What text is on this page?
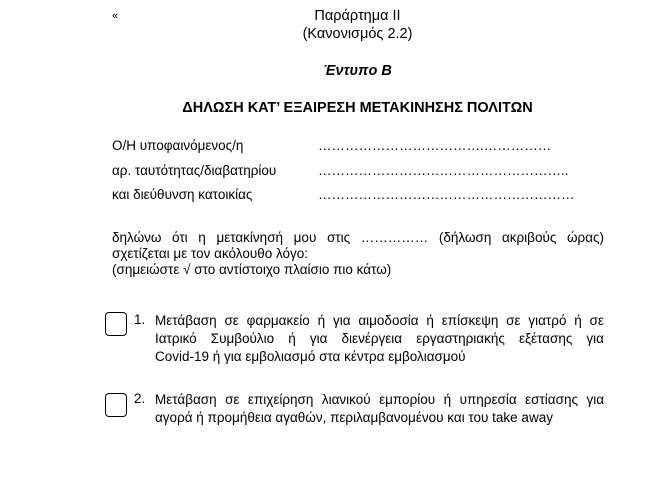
«	Παράρτημα ΙΙ
(Κανονισμός 2.2)
Έντυπο Β
ΔΗΛΩΣΗ ΚΑΤ’ ΕΞΑΙΡΕΣΗ ΜΕΤΑΚΙΝΗΣΗΣ ΠΟΛΙΤΩΝ
Ο/Η υποφαινόμενος/η	……………………………….……………
αρ. ταυτότητας/διαβατηρίου	………………………………………………..
και διεύθυνση κατοικίας	…………………………………………………
δηλώνω ότι η μετακίνησή μου στις …………… (δήλωση ακριβούς ώρας)
σχετίζεται με τον ακόλουθο λόγο:
(σημειώστε √ στο αντίστοιχο πλαίσιο πιο κάτω)
1. Μετάβαση σε φαρμακείο ή για αιμοδοσία ή επίσκεψη σε γιατρό ή σε
Ιατρικό Συμβούλιο ή για διενέργεια εργαστηριακής εξέτασης για
Covid-19 ή για εμβολιασμό στα κέντρα εμβολιασμού
2. Μετάβαση σε επιχείρηση λιανικού εμπορίου ή υπηρεσία εστίασης για
αγορά ή προμήθεια αγαθών, περιλαμβανομένου και του take away
